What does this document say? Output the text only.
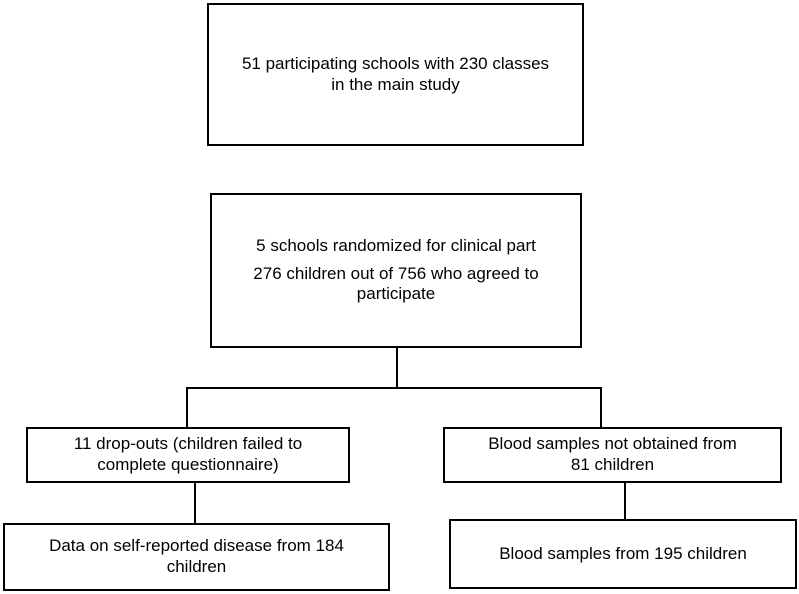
51 participating schools with 230 classes
in the main study
5 schools randomized for clinical part
276 children out of 756 who agreed to
participate
11 drop-outs (children failed to
complete questionnaire)
Blood samples not obtained from
81 children
Data on self-reported disease from 184
children
Blood samples from 195 children
